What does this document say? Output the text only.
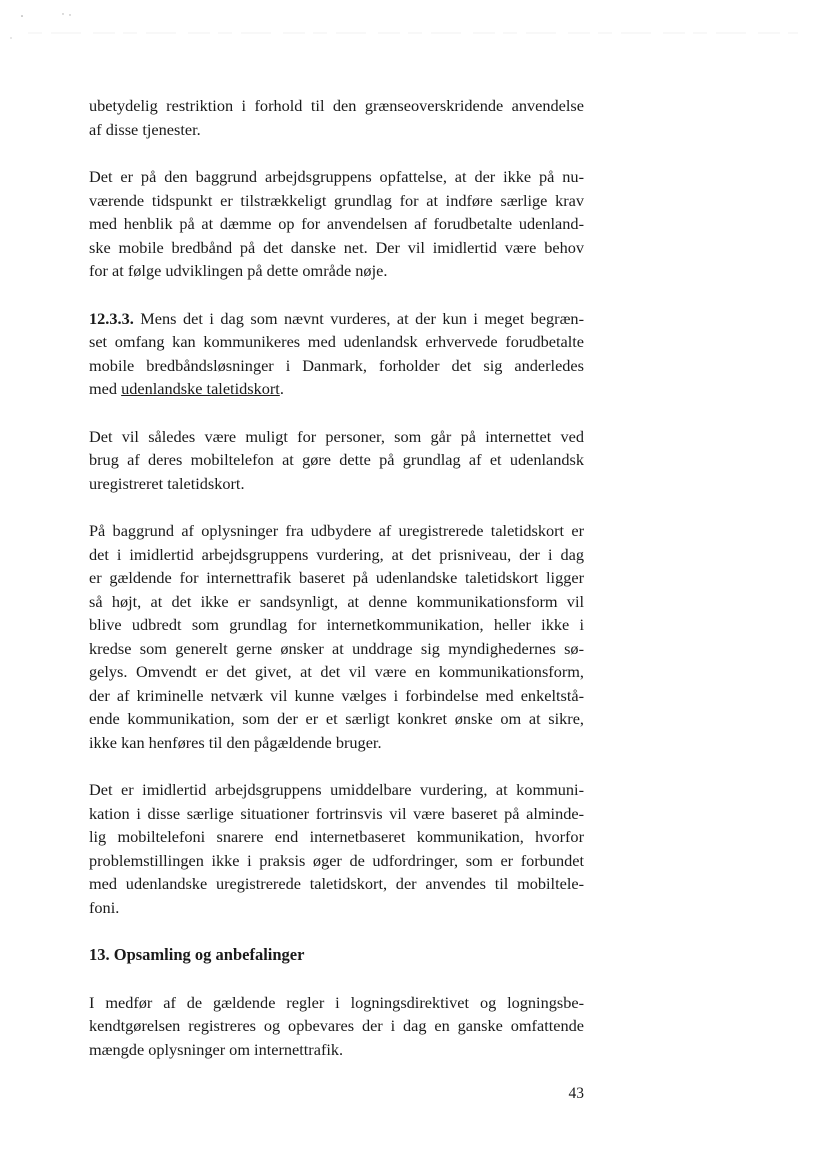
ubetydelig restriktion i forhold til den grænseoverskridende anvendelse
af disse tjenester.

Det er på den baggrund arbejdsgruppens opfattelse, at der ikke på nu-
værende tidspunkt er tilstrækkeligt grundlag for at indføre særlige krav
med henblik på at dæmme op for anvendelsen af forudbetalte udenland-
ske mobile bredbånd på det danske net. Der vil imidlertid være behov
for at følge udviklingen på dette område nøje.

12.3.3. Mens det i dag som nævnt vurderes, at der kun i meget begræn-
set omfang kan kommunikeres med udenlandsk erhvervede forudbetalte
mobile bredbåndsløsninger i Danmark, forholder det sig anderledes
med udenlandske taletidskort.

Det vil således være muligt for personer, som går på internettet ved
brug af deres mobiltelefon at gøre dette på grundlag af et udenlandsk
uregistreret taletidskort.

På baggrund af oplysninger fra udbydere af uregistrerede taletidskort er
det i imidlertid arbejdsgruppens vurdering, at det prisniveau, der i dag
er gældende for internettrafik baseret på udenlandske taletidskort ligger
så højt, at det ikke er sandsynligt, at denne kommunikationsform vil
blive udbredt som grundlag for internetkommunikation, heller ikke i
kredse som generelt gerne ønsker at unddrage sig myndighedernes sø-
gelys. Omvendt er det givet, at det vil være en kommunikationsform,
der af kriminelle netværk vil kunne vælges i forbindelse med enkeltstå-
ende kommunikation, som der er et særligt konkret ønske om at sikre,
ikke kan henføres til den pågældende bruger.

Det er imidlertid arbejdsgruppens umiddelbare vurdering, at kommuni-
kation i disse særlige situationer fortrinsvis vil være baseret på alminde-
lig mobiltelefoni snarere end internetbaseret kommunikation, hvorfor
problemstillingen ikke i praksis øger de udfordringer, som er forbundet
med udenlandske uregistrerede taletidskort, der anvendes til mobiltele-
foni.

13. Opsamling og anbefalinger

I medfør af de gældende regler i logningsdirektivet og logningsbe-
kendtgørelsen registreres og opbevares der i dag en ganske omfattende
mængde oplysninger om internettrafik.

43
